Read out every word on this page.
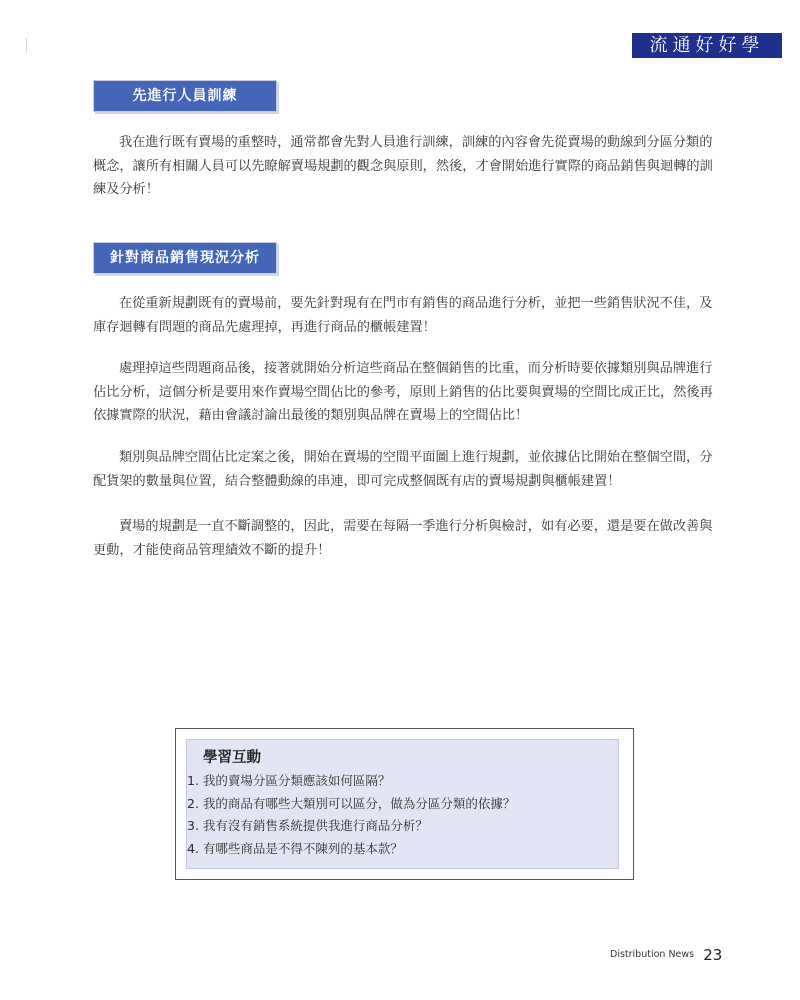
流通好好學
先進行人員訓練

我在進行既有賣場的重整時，通常都會先對人員進行訓練，訓練的內容會先從賣場的動線到分區分類的概念，讓所有相關人員可以先瞭解賣場規劃的觀念與原則，然後，才會開始進行實際的商品銷售與迴轉的訓練及分析！

針對商品銷售現況分析

在從重新規劃既有的賣場前，要先針對現有在門市有銷售的商品進行分析，並把一些銷售狀況不佳，及庫存迴轉有問題的商品先處理掉，再進行商品的櫃帳建置！

處理掉這些問題商品後，接著就開始分析這些商品在整個銷售的比重，而分析時要依據類別與品牌進行佔比分析，這個分析是要用來作賣場空間佔比的參考，原則上銷售的佔比要與賣場的空間比成正比，然後再依據實際的狀況，藉由會議討論出最後的類別與品牌在賣場上的空間佔比！

類別與品牌空間佔比定案之後，開始在賣場的空間平面圖上進行規劃，並依據佔比開始在整個空間，分配貨架的數量與位置，結合整體動線的串連，即可完成整個既有店的賣場規劃與櫃帳建置！

賣場的規劃是一直不斷調整的，因此，需要在每隔一季進行分析與檢討，如有必要，還是要在做改善與更動，才能使商品管理績效不斷的提升！

學習互動

1. 我的賣場分區分類應該如何區隔？
2. 我的商品有哪些大類別可以區分，做為分區分類的依據？
3. 我有沒有銷售系統提供我進行商品分析？
4. 有哪些商品是不得不陳列的基本款？
Distribution News 23
